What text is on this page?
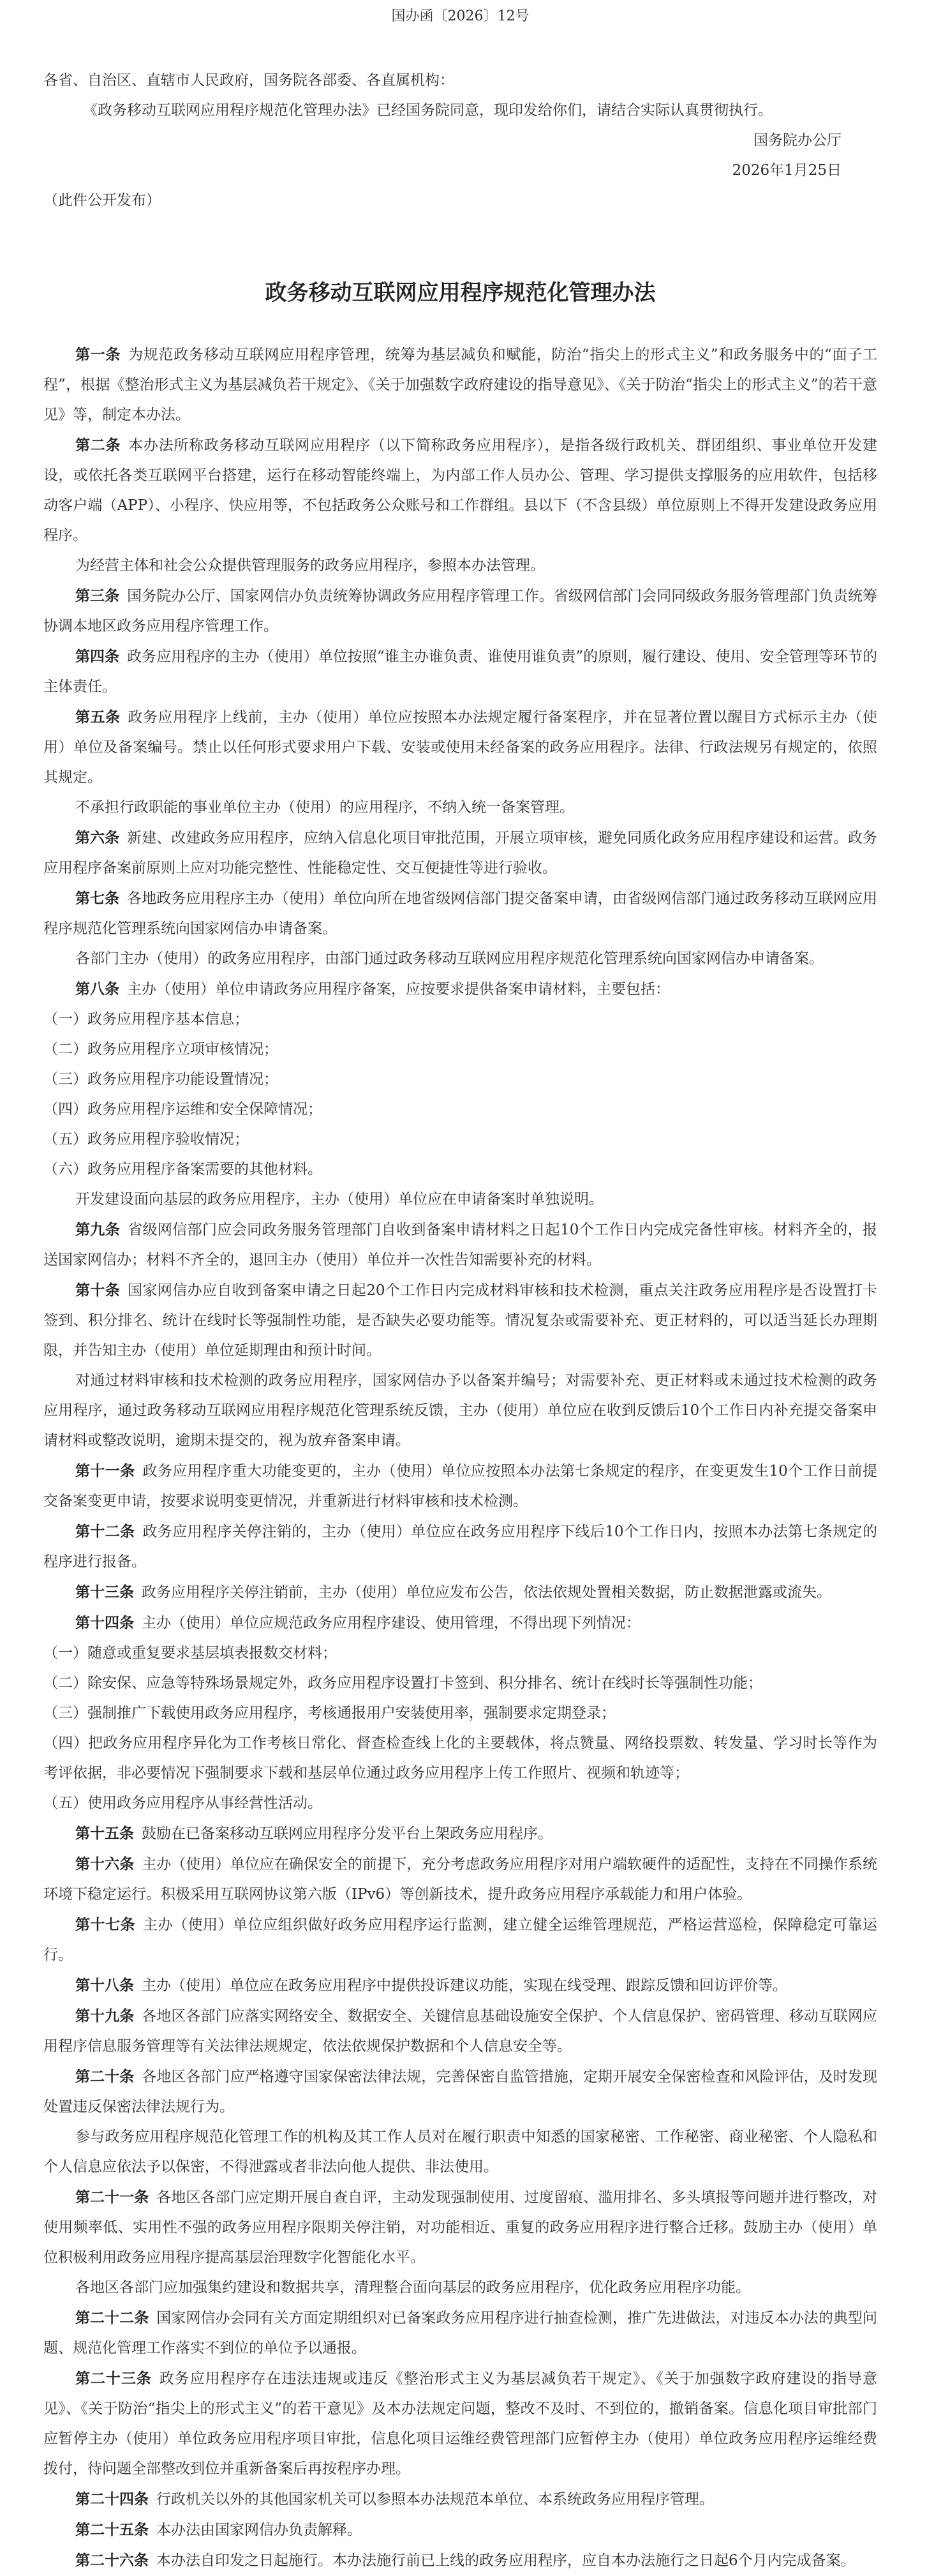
国办函〔2026〕12号

各省、自治区、直辖市人民政府，国务院各部委、各直属机构：

《政务移动互联网应用程序规范化管理办法》已经国务院同意，现印发给你们，请结合实际认真贯彻执行。

国务院办公厅

2026年1月25日

（此件公开发布）

政务移动互联网应用程序规范化管理办法

第一条 为规范政务移动互联网应用程序管理，统筹为基层减负和赋能，防治“指尖上的形式主义”和政务服务中的“面子工程”，根据《整治形式主义为基层减负若干规定》、《关于加强数字政府建设的指导意见》、《关于防治“指尖上的形式主义”的若干意见》等，制定本办法。

第二条 本办法所称政务移动互联网应用程序（以下简称政务应用程序），是指各级行政机关、群团组织、事业单位开发建设，或依托各类互联网平台搭建，运行在移动智能终端上，为内部工作人员办公、管理、学习提供支撑服务的应用软件，包括移动客户端（APP）、小程序、快应用等，不包括政务公众账号和工作群组。县以下（不含县级）单位原则上不得开发建设政务应用程序。

为经营主体和社会公众提供管理服务的政务应用程序，参照本办法管理。

第三条 国务院办公厅、国家网信办负责统筹协调政务应用程序管理工作。省级网信部门会同同级政务服务管理部门负责统筹协调本地区政务应用程序管理工作。

第四条 政务应用程序的主办（使用）单位按照“谁主办谁负责、谁使用谁负责”的原则，履行建设、使用、安全管理等环节的主体责任。

第五条 政务应用程序上线前，主办（使用）单位应按照本办法规定履行备案程序，并在显著位置以醒目方式标示主办（使用）单位及备案编号。禁止以任何形式要求用户下载、安装或使用未经备案的政务应用程序。法律、行政法规另有规定的，依照其规定。

不承担行政职能的事业单位主办（使用）的应用程序，不纳入统一备案管理。

第六条 新建、改建政务应用程序，应纳入信息化项目审批范围，开展立项审核，避免同质化政务应用程序建设和运营。政务应用程序备案前原则上应对功能完整性、性能稳定性、交互便捷性等进行验收。

第七条 各地政务应用程序主办（使用）单位向所在地省级网信部门提交备案申请，由省级网信部门通过政务移动互联网应用程序规范化管理系统向国家网信办申请备案。

各部门主办（使用）的政务应用程序，由部门通过政务移动互联网应用程序规范化管理系统向国家网信办申请备案。

第八条 主办（使用）单位申请政务应用程序备案，应按要求提供备案申请材料，主要包括：

（一）政务应用程序基本信息；

（二）政务应用程序立项审核情况；

（三）政务应用程序功能设置情况；

（四）政务应用程序运维和安全保障情况；

（五）政务应用程序验收情况；

（六）政务应用程序备案需要的其他材料。

开发建设面向基层的政务应用程序，主办（使用）单位应在申请备案时单独说明。

第九条 省级网信部门应会同政务服务管理部门自收到备案申请材料之日起10个工作日内完成完备性审核。材料齐全的，报送国家网信办；材料不齐全的，退回主办（使用）单位并一次性告知需要补充的材料。

第十条 国家网信办应自收到备案申请之日起20个工作日内完成材料审核和技术检测，重点关注政务应用程序是否设置打卡签到、积分排名、统计在线时长等强制性功能，是否缺失必要功能等。情况复杂或需要补充、更正材料的，可以适当延长办理期限，并告知主办（使用）单位延期理由和预计时间。

对通过材料审核和技术检测的政务应用程序，国家网信办予以备案并编号；对需要补充、更正材料或未通过技术检测的政务应用程序，通过政务移动互联网应用程序规范化管理系统反馈，主办（使用）单位应在收到反馈后10个工作日内补充提交备案申请材料或整改说明，逾期未提交的，视为放弃备案申请。

第十一条 政务应用程序重大功能变更的，主办（使用）单位应按照本办法第七条规定的程序，在变更发生10个工作日前提交备案变更申请，按要求说明变更情况，并重新进行材料审核和技术检测。

第十二条 政务应用程序关停注销的，主办（使用）单位应在政务应用程序下线后10个工作日内，按照本办法第七条规定的程序进行报备。

第十三条 政务应用程序关停注销前，主办（使用）单位应发布公告，依法依规处置相关数据，防止数据泄露或流失。

第十四条 主办（使用）单位应规范政务应用程序建设、使用管理，不得出现下列情况：

（一）随意或重复要求基层填表报数交材料；

（二）除安保、应急等特殊场景规定外，政务应用程序设置打卡签到、积分排名、统计在线时长等强制性功能；

（三）强制推广下载使用政务应用程序，考核通报用户安装使用率，强制要求定期登录；

（四）把政务应用程序异化为工作考核日常化、督查检查线上化的主要载体，将点赞量、网络投票数、转发量、学习时长等作为考评依据，非必要情况下强制要求下载和基层单位通过政务应用程序上传工作照片、视频和轨迹等；

（五）使用政务应用程序从事经营性活动。

第十五条 鼓励在已备案移动互联网应用程序分发平台上架政务应用程序。

第十六条 主办（使用）单位应在确保安全的前提下，充分考虑政务应用程序对用户端软硬件的适配性，支持在不同操作系统环境下稳定运行。积极采用互联网协议第六版（IPv6）等创新技术，提升政务应用程序承载能力和用户体验。

第十七条 主办（使用）单位应组织做好政务应用程序运行监测，建立健全运维管理规范，严格运营巡检，保障稳定可靠运行。

第十八条 主办（使用）单位应在政务应用程序中提供投诉建议功能，实现在线受理、跟踪反馈和回访评价等。

第十九条 各地区各部门应落实网络安全、数据安全、关键信息基础设施安全保护、个人信息保护、密码管理、移动互联网应用程序信息服务管理等有关法律法规规定，依法依规保护数据和个人信息安全等。

第二十条 各地区各部门应严格遵守国家保密法律法规，完善保密自监管措施，定期开展安全保密检查和风险评估，及时发现处置违反保密法律法规行为。

参与政务应用程序规范化管理工作的机构及其工作人员对在履行职责中知悉的国家秘密、工作秘密、商业秘密、个人隐私和个人信息应依法予以保密，不得泄露或者非法向他人提供、非法使用。

第二十一条 各地区各部门应定期开展自查自评，主动发现强制使用、过度留痕、滥用排名、多头填报等问题并进行整改，对使用频率低、实用性不强的政务应用程序限期关停注销，对功能相近、重复的政务应用程序进行整合迁移。鼓励主办（使用）单位积极利用政务应用程序提高基层治理数字化智能化水平。

各地区各部门应加强集约建设和数据共享，清理整合面向基层的政务应用程序，优化政务应用程序功能。

第二十二条 国家网信办会同有关方面定期组织对已备案政务应用程序进行抽查检测，推广先进做法，对违反本办法的典型问题、规范化管理工作落实不到位的单位予以通报。

第二十三条 政务应用程序存在违法违规或违反《整治形式主义为基层减负若干规定》、《关于加强数字政府建设的指导意见》、《关于防治“指尖上的形式主义”的若干意见》及本办法规定问题，整改不及时、不到位的，撤销备案。信息化项目审批部门应暂停主办（使用）单位政务应用程序项目审批，信息化项目运维经费管理部门应暂停主办（使用）单位政务应用程序运维经费拨付，待问题全部整改到位并重新备案后再按程序办理。

第二十四条 行政机关以外的其他国家机关可以参照本办法规范本单位、本系统政务应用程序管理。

第二十五条 本办法由国家网信办负责解释。

第二十六条 本办法自印发之日起施行。本办法施行前已上线的政务应用程序，应自本办法施行之日起6个月内完成备案。
